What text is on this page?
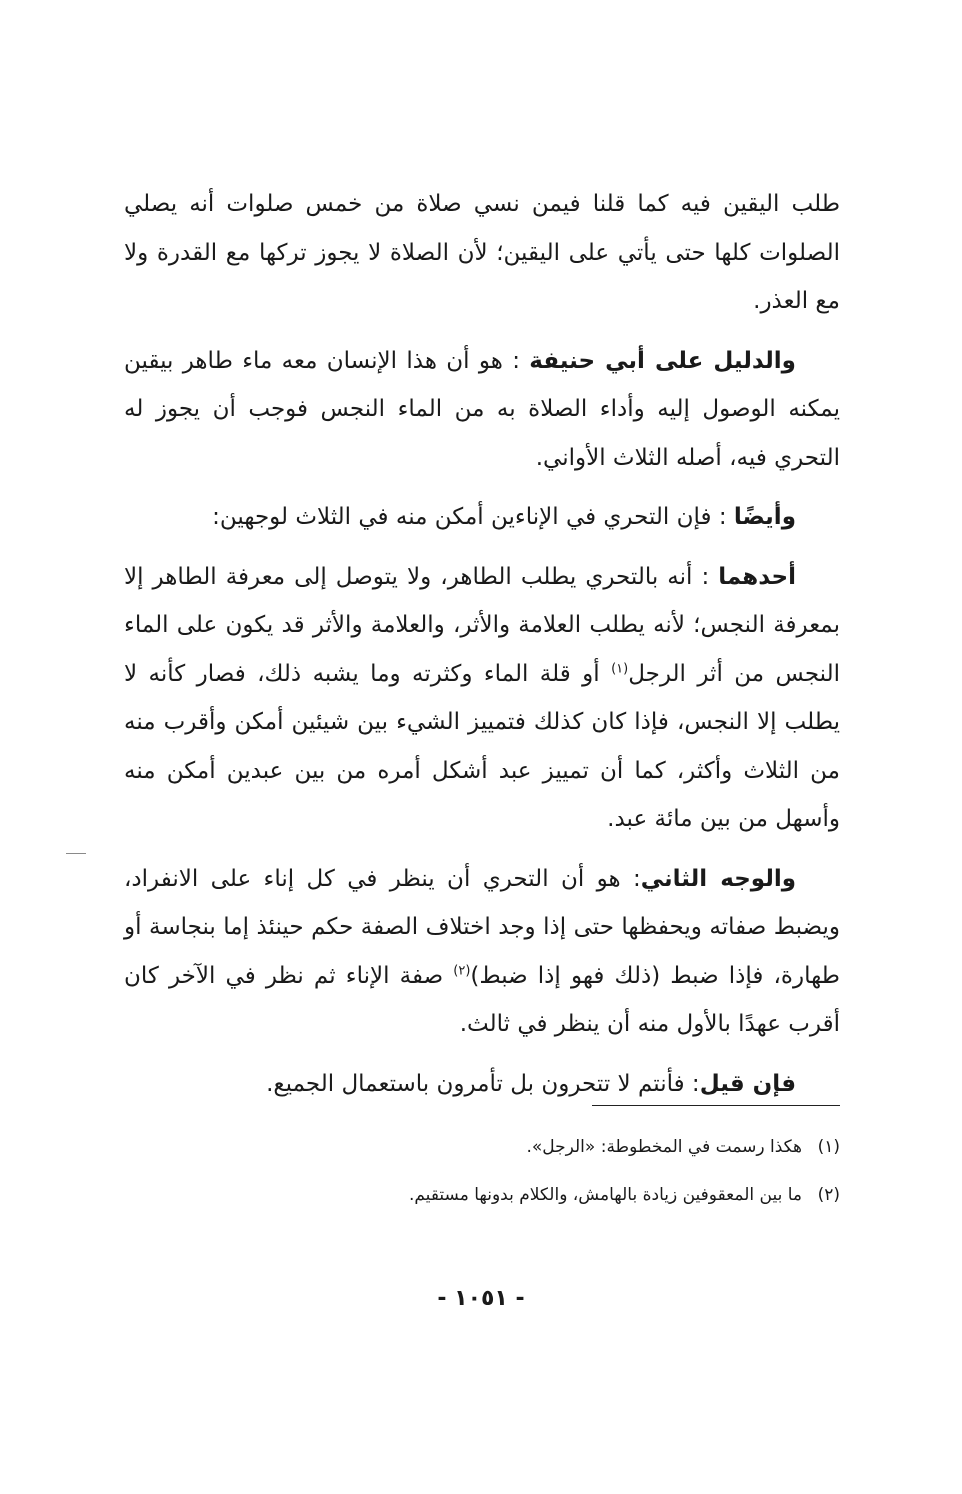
طلب اليقين فيه كما قلنا فيمن نسي صلاة من خمس صلوات أنه يصلي الصلوات كلها حتى يأتي على اليقين؛ لأن الصلاة لا يجوز تركها مع القدرة ولا مع العذر.

والدليل على أبي حنيفة : هو أن هذا الإنسان معه ماء طاهر بيقين يمكنه الوصول إليه وأداء الصلاة به من الماء النجس فوجب أن يجوز له التحري فيه، أصله الثلاث الأواني.

وأيضًا : فإن التحري في الإناءين أمكن منه في الثلاث لوجهين:

أحدهما : أنه بالتحري يطلب الطاهر، ولا يتوصل إلى معرفة الطاهر إلا بمعرفة النجس؛ لأنه يطلب العلامة والأثر، والعلامة والأثر قد يكون على الماء النجس من أثر الرجل$^{(١)}$ أو قلة الماء وكثرته وما يشبه ذلك، فصار كأنه لا يطلب إلا النجس، فإذا كان كذلك فتمييز الشيء بين شيئين أمكن وأقرب منه من الثلاث وأكثر، كما أن تمييز عبد أشكل أمره من بين عبدين أمكن منه وأسهل من بين مائة عبد.

والوجه الثاني: هو أن التحري أن ينظر في كل إناء على الانفراد، ويضبط صفاته ويحفظها حتى إذا وجد اختلاف الصفة حكم حينئذ إما بنجاسة أو طهارة، فإذا ضبط (ذلك فهو إذا ضبط)$^{(٢)}$ صفة الإناء ثم نظر في الآخر كان أقرب عهدًا بالأول منه أن ينظر في ثالث.

فإن قيل: فأنتم لا تتحرون بل تأمرون باستعمال الجميع.

(١)هكذا رسمت في المخطوطة: «الرجل».
(٢)ما بين المعقوفين زيادة بالهامش، والكلام بدونها مستقيم.
- ١٠٥١ -
